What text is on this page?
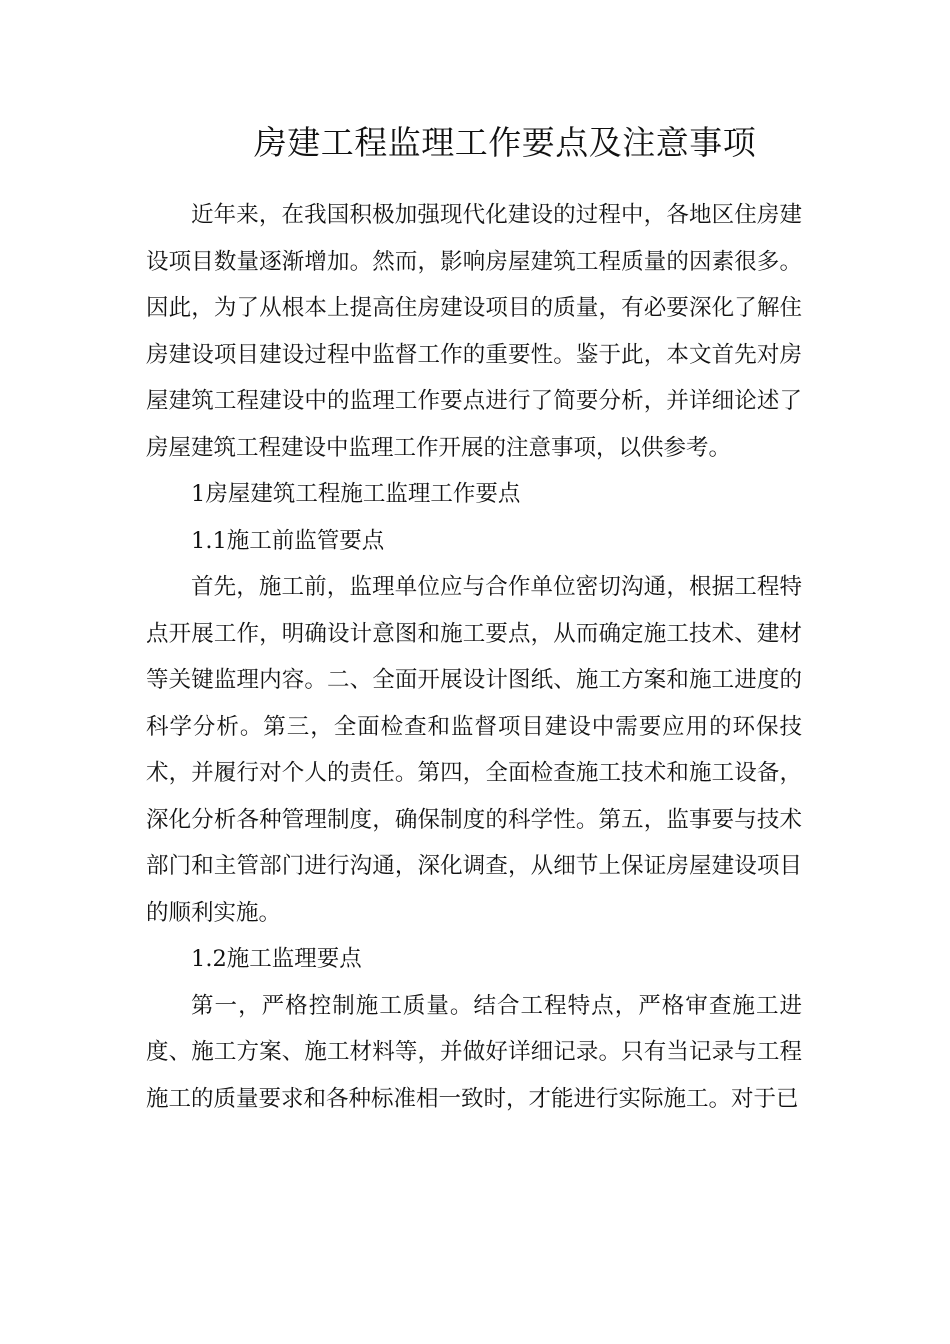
房建工程监理工作要点及注意事项

近年来，在我国积极加强现代化建设的过程中，各地区住房建设项目数量逐渐增加。然而，影响房屋建筑工程质量的因素很多。因此，为了从根本上提高住房建设项目的质量，有必要深化了解住房建设项目建设过程中监督工作的重要性。鉴于此，本文首先对房屋建筑工程建设中的监理工作要点进行了简要分析，并详细论述了房屋建筑工程建设中监理工作开展的注意事项，以供参考。

1房屋建筑工程施工监理工作要点

1.1施工前监管要点

首先，施工前，监理单位应与合作单位密切沟通，根据工程特点开展工作，明确设计意图和施工要点，从而确定施工技术、建材等关键监理内容。二、全面开展设计图纸、施工方案和施工进度的科学分析。第三，全面检查和监督项目建设中需要应用的环保技术，并履行对个人的责任。第四，全面检查施工技术和施工设备，深化分析各种管理制度，确保制度的科学性。第五，监事要与技术部门和主管部门进行沟通，深化调查，从细节上保证房屋建设项目的顺利实施。

1.2施工监理要点

第一，严格控制施工质量。结合工程特点，严格审查施工进度、施工方案、施工材料等，并做好详细记录。只有当记录与工程施工的质量要求和各种标准相一致时，才能进行实际施工。对于已
